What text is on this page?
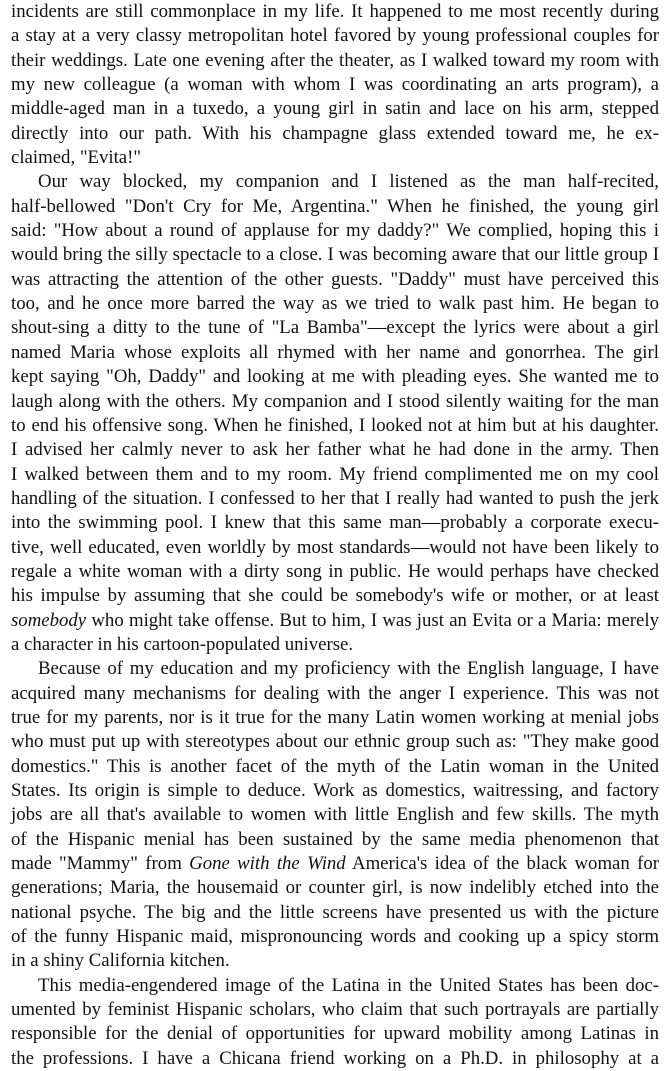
incidents are still commonplace in my life. It happened to me most recently during
a stay at a very classy metropolitan hotel favored by young professional couples for
their weddings. Late one evening after the theater, as I walked toward my room with
my new colleague (a woman with whom I was coordinating an arts program), a
middle-aged man in a tuxedo, a young girl in satin and lace on his arm, stepped
directly into our path. With his champagne glass extended toward me, he ex-
claimed, "Evita!"
Our way blocked, my companion and I listened as the man half-recited,
half-bellowed "Don't Cry for Me, Argentina." When he finished, the young girl
said: "How about a round of applause for my daddy?" We complied, hoping this i
would bring the silly spectacle to a close. I was becoming aware that our little group I
was attracting the attention of the other guests. "Daddy" must have perceived this
too, and he once more barred the way as we tried to walk past him. He began to
shout-sing a ditty to the tune of "La Bamba"—except the lyrics were about a girl
named Maria whose exploits all rhymed with her name and gonorrhea. The girl
kept saying "Oh, Daddy" and looking at me with pleading eyes. She wanted me to
laugh along with the others. My companion and I stood silently waiting for the man
to end his offensive song. When he finished, I looked not at him but at his daughter.
I advised her calmly never to ask her father what he had done in the army. Then
I walked between them and to my room. My friend complimented me on my cool
handling of the situation. I confessed to her that I really had wanted to push the jerk
into the swimming pool. I knew that this same man—probably a corporate execu-
tive, well educated, even worldly by most standards—would not have been likely to
regale a white woman with a dirty song in public. He would perhaps have checked
his impulse by assuming that she could be somebody's wife or mother, or at least
somebody who might take offense. But to him, I was just an Evita or a Maria: merely
a character in his cartoon-populated universe.
Because of my education and my proficiency with the English language, I have
acquired many mechanisms for dealing with the anger I experience. This was not
true for my parents, nor is it true for the many Latin women working at menial jobs
who must put up with stereotypes about our ethnic group such as: "They make good
domestics." This is another facet of the myth of the Latin woman in the United
States. Its origin is simple to deduce. Work as domestics, waitressing, and factory
jobs are all that's available to women with little English and few skills. The myth
of the Hispanic menial has been sustained by the same media phenomenon that
made "Mammy" from Gone with the Wind America's idea of the black woman for
generations; Maria, the housemaid or counter girl, is now indelibly etched into the
national psyche. The big and the little screens have presented us with the picture
of the funny Hispanic maid, mispronouncing words and cooking up a spicy storm
in a shiny California kitchen.
This media-engendered image of the Latina in the United States has been doc-
umented by feminist Hispanic scholars, who claim that such portrayals are partially
responsible for the denial of opportunities for upward mobility among Latinas in
the professions. I have a Chicana friend working on a Ph.D. in philosophy at a
